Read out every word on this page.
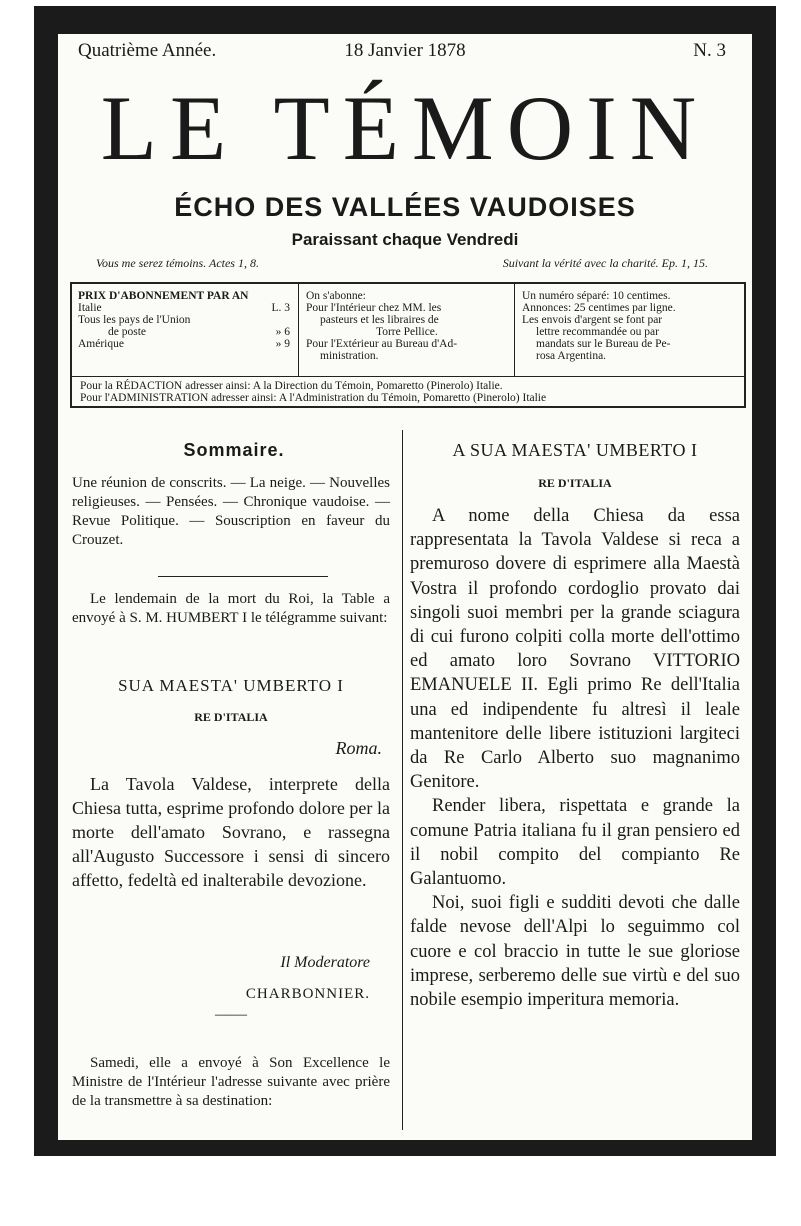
Quatrième Année.	18 Janvier 1878	N. 3
LE TÉMOIN
ÉCHO DES VALLÉES VAUDOISES
Paraissant chaque Vendredi
Vous me serez témoins. Actes 1, 8.	Suivant la vérité avec la charité. Ep. 1, 15.
PRIX D'ABONNEMENT PAR AN
Italie	L. 3
Tous les pays de l'Union
de poste	» 6
Amérique	» 9
On s'abonne:
Pour l'Intérieur chez MM. les
pasteurs et les libraires de
Torre Pellice.
Pour l'Extérieur au Bureau d'Ad-
ministration.
Un numéro séparé: 10 centimes.
Annonces: 25 centimes par ligne.
Les envois d'argent se font par
lettre recommandée ou par
mandats sur le Bureau de Pe-
rosa Argentina.
Pour la RÉDACTION adresser ainsi: A la Direction du Témoin, Pomaretto (Pinerolo) Italie.
Pour l'ADMINISTRATION adresser ainsi: A l'Administration du Témoin, Pomaretto (Pinerolo) Italie
Sommaire.
Une réunion de conscrits. — La neige. — Nouvelles religieuses. — Pensées. — Chronique vaudoise. — Revue Politique. — Souscription en faveur du Crouzet.
Le lendemain de la mort du Roi, la Table a envoyé à S. M. HUMBERT I le télégramme suivant:
SUA MAESTA' UMBERTO I
RE D'ITALIA
Roma.
La Tavola Valdese, interprete della Chiesa tutta, esprime profondo dolore per la morte dell'amato Sovrano, e rassegna all'Augusto Successore i sensi di sincero affetto, fedeltà ed inalterabile devozione.
Il Moderatore
CHARBONNIER.
——
Samedi, elle a envoyé à Son Excellence le Ministre de l'Intérieur l'adresse suivante avec prière de la transmettre à sa destination:
A SUA MAESTA' UMBERTO I
RE D'ITALIA

A nome della Chiesa da essa rappresentata la Tavola Valdese si reca a premuroso dovere di esprimere alla Maestà Vostra il profondo cordoglio provato dai singoli suoi membri per la grande sciagura di cui furono colpiti colla morte dell'ottimo ed amato loro Sovrano VITTORIO EMANUELE II. Egli primo Re dell'Italia una ed indipendente fu altresì il leale mantenitore delle libere istituzioni largiteci da Re Carlo Alberto suo magnanimo Genitore.

Render libera, rispettata e grande la comune Patria italiana fu il gran pensiero ed il nobil compito del compianto Re Galantuomo.

Noi, suoi figli e sudditi devoti che dalle falde nevose dell'Alpi lo seguimmo col cuore e col braccio in tutte le sue gloriose imprese, serberemo delle sue virtù e del suo nobile esempio imperitura memoria.
